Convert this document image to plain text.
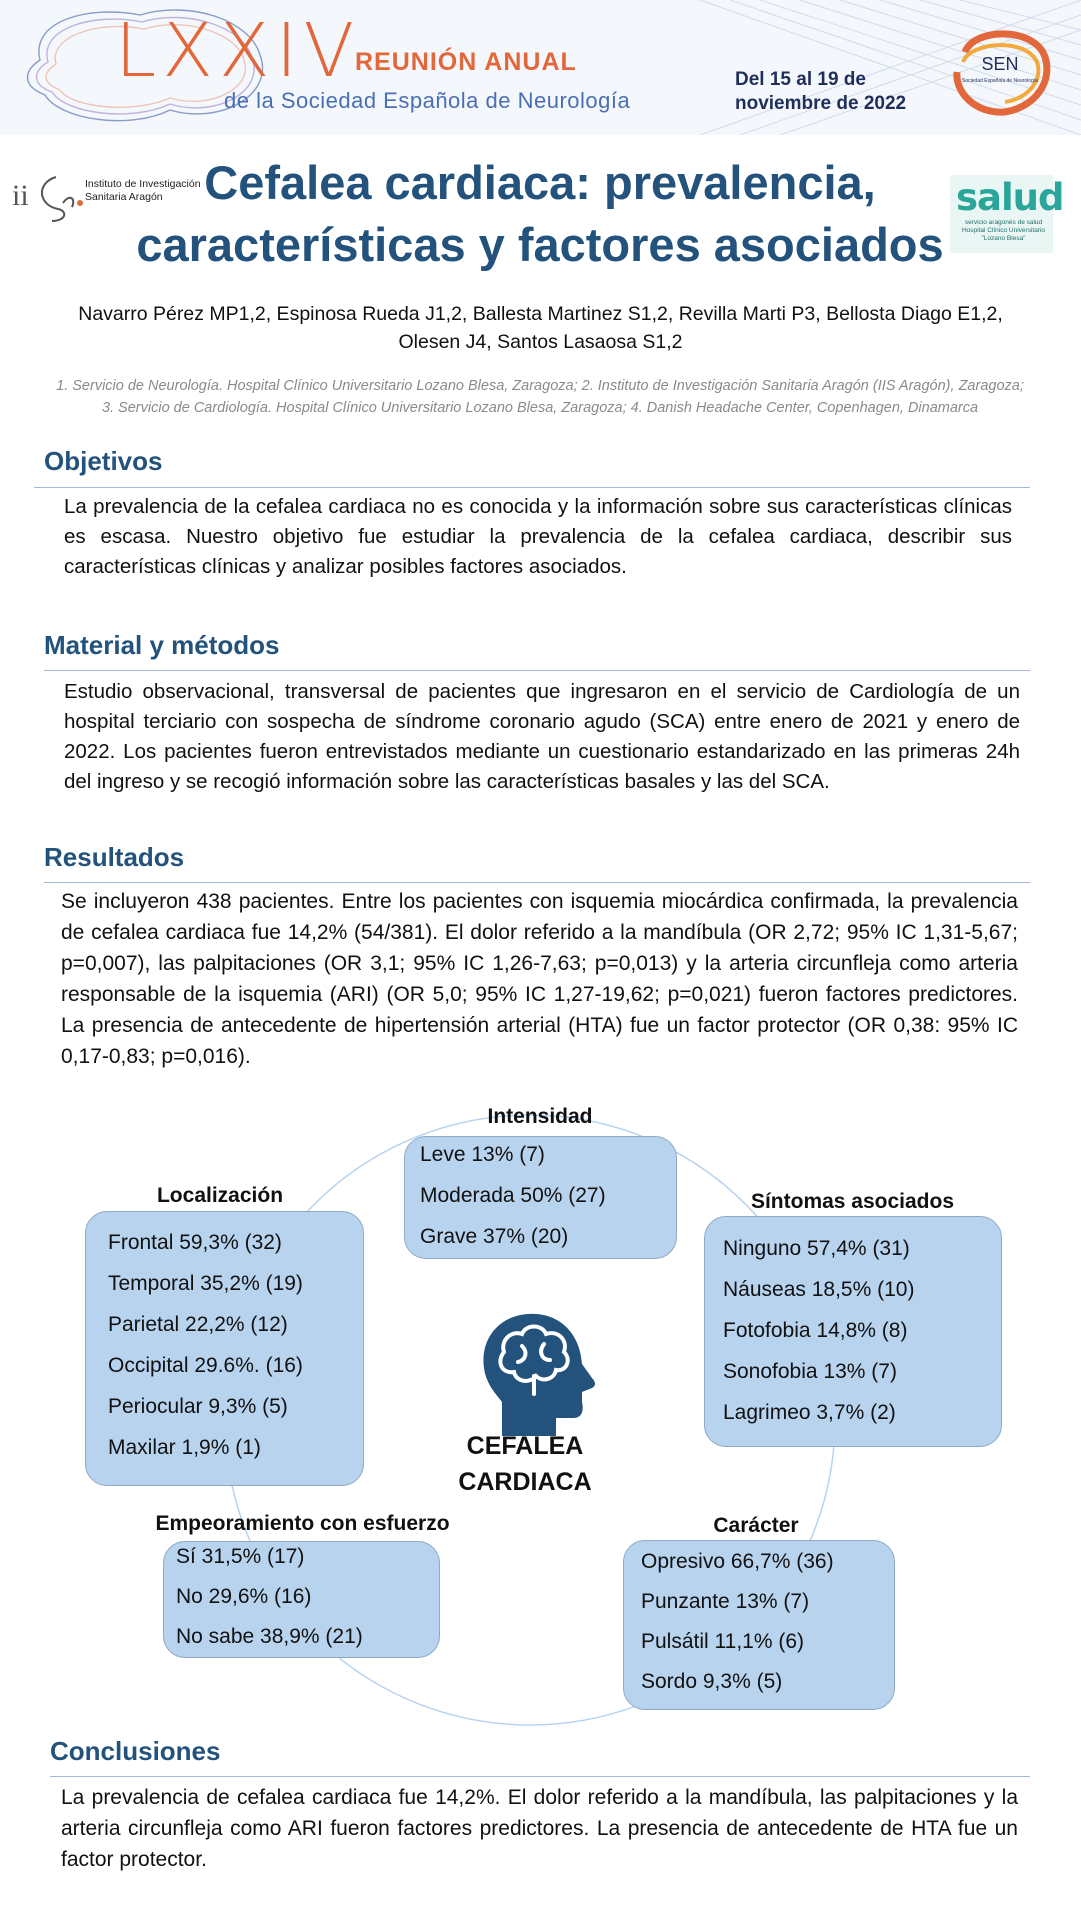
LXXIV
REUNIÓN ANUAL
de la Sociedad Española de Neurología
Del 15 al 19 de
noviembre de 2022
SEN
Sociedad Española de Neurología
ii	Instituto de Investigación
Sanitaria Aragón	salud
servicio aragonés de salud
Hospital Clínico Universitario "Lozano Blesa"
Cefalea cardiaca: prevalencia,
características y factores asociados
Navarro Pérez MP1,2, Espinosa Rueda J1,2, Ballesta Martinez S1,2, Revilla Marti P3, Bellosta Diago E1,2,
Olesen J4, Santos Lasaosa S1,2
1. Servicio de Neurología. Hospital Clínico Universitario Lozano Blesa, Zaragoza; 2. Instituto de Investigación Sanitaria Aragón (IIS Aragón), Zaragoza; 3. Servicio de Cardiología. Hospital Clínico Universitario Lozano Blesa, Zaragoza; 4. Danish Headache Center, Copenhagen, Dinamarca
Objetivos
La prevalencia de la cefalea cardiaca no es conocida y la información sobre sus características clínicas es escasa. Nuestro objetivo fue estudiar la prevalencia de la cefalea cardiaca, describir sus características clínicas y analizar posibles factores asociados.
Material y métodos
Estudio observacional, transversal de pacientes que ingresaron en el servicio de Cardiología de un hospital terciario con sospecha de síndrome coronario agudo (SCA) entre enero de 2021 y enero de 2022. Los pacientes fueron entrevistados mediante un cuestionario estandarizado en las primeras 24h del ingreso y se recogió información sobre las características basales y las del SCA.
Resultados
Se incluyeron 438 pacientes. Entre los pacientes con isquemia miocárdica confirmada, la prevalencia de cefalea cardiaca fue 14,2% (54/381). El dolor referido a la mandíbula (OR 2,72; 95% IC 1,31-5,67; p=0,007), las palpitaciones (OR 3,1; 95% IC 1,26-7,63; p=0,013) y la arteria circunfleja como arteria responsable de la isquemia (ARI) (OR 5,0; 95% IC 1,27-19,62; p=0,021) fueron factores predictores. La presencia de antecedente de hipertensión arterial (HTA) fue un factor protector (OR 0,38: 95% IC 0,17-0,83; p=0,016).
Intensidad
Leve 13% (7)
Moderada 50% (27)
Grave 37% (20)
Localización
Frontal 59,3% (32)
Temporal 35,2% (19)
Parietal 22,2% (12)
Occipital 29.6%. (16)
Periocular 9,3% (5)
Maxilar 1,9% (1)
Síntomas asociados
Ninguno 57,4% (31)
Náuseas 18,5% (10)
Fotofobia 14,8% (8)
Sonofobia 13% (7)
Lagrimeo 3,7% (2)
CEFALEA
CARDIACA
Empeoramiento con esfuerzo
Sí 31,5% (17)
No 29,6% (16)
No sabe 38,9% (21)
Carácter
Opresivo 66,7% (36)
Punzante 13% (7)
Pulsátil 11,1% (6)
Sordo 9,3% (5)
Conclusiones
La prevalencia de cefalea cardiaca fue 14,2%. El dolor referido a la mandíbula, las palpitaciones y la arteria circunfleja como ARI fueron factores predictores. La presencia de antecedente de HTA fue un factor protector.
